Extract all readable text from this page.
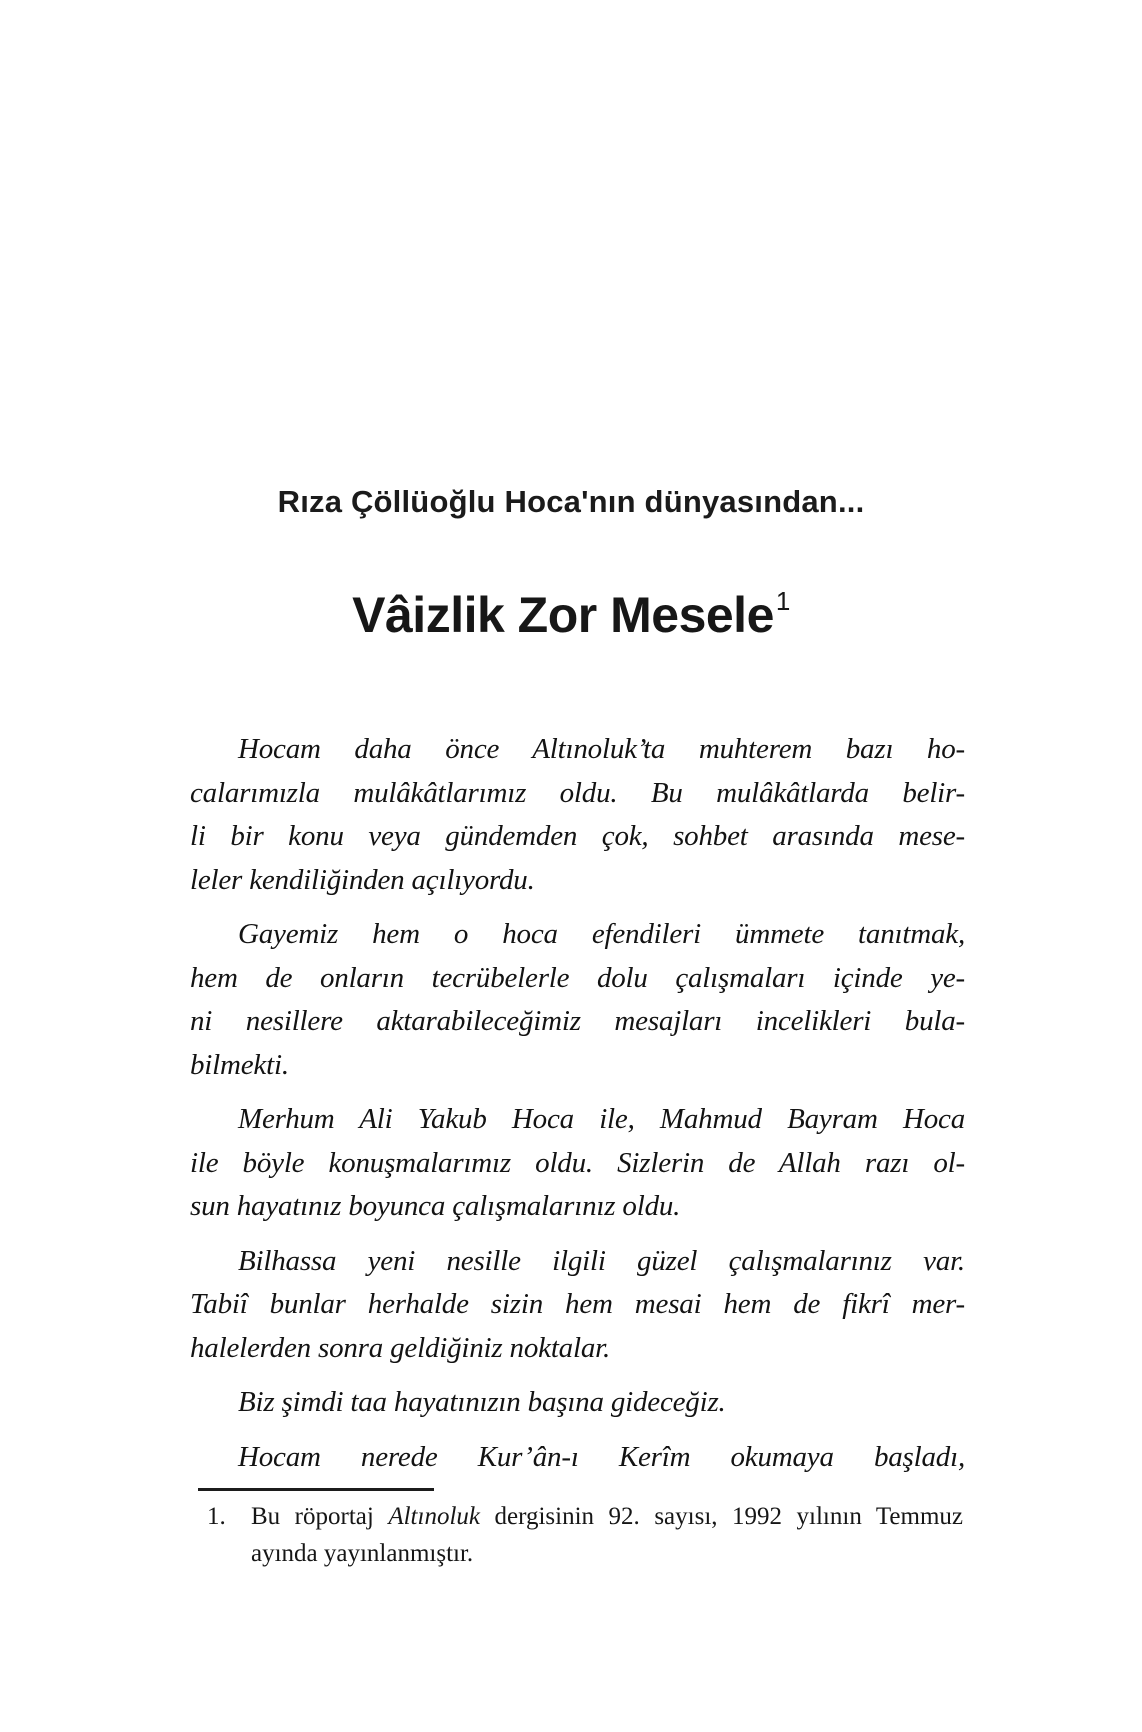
Rıza Çöllüoğlu Hoca'nın dünyasından...
Vâizlik Zor Mesele$^1$
Hocam daha önce Altınoluk’ta muhterem bazı ho-
calarımızla mulâkâtlarımız oldu. Bu mulâkâtlarda belir-
li bir konu veya gündemden çok, sohbet arasında mese-
leler kendiliğinden açılıyordu.
Gayemiz hem o hoca efendileri ümmete tanıtmak,
hem de onların tecrübelerle dolu çalışmaları içinde ye-
ni nesillere aktarabileceğimiz mesajları incelikleri bula-
bilmekti.
Merhum Ali Yakub Hoca ile, Mahmud Bayram Hoca
ile böyle konuşmalarımız oldu. Sizlerin de Allah razı ol-
sun hayatınız boyunca çalışmalarınız oldu.
Bilhassa yeni nesille ilgili güzel çalışmalarınız var.
Tabiî bunlar herhalde sizin hem mesai hem de fikrî mer-
halelerden sonra geldiğiniz noktalar.
Biz şimdi taa hayatınızın başına gideceğiz.
Hocam nerede Kur’ân-ı Kerîm okumaya başladı,
1. Bu röportaj Altınoluk dergisinin 92. sayısı, 1992 yılının Temmuz
ayında yayınlanmıştır.
